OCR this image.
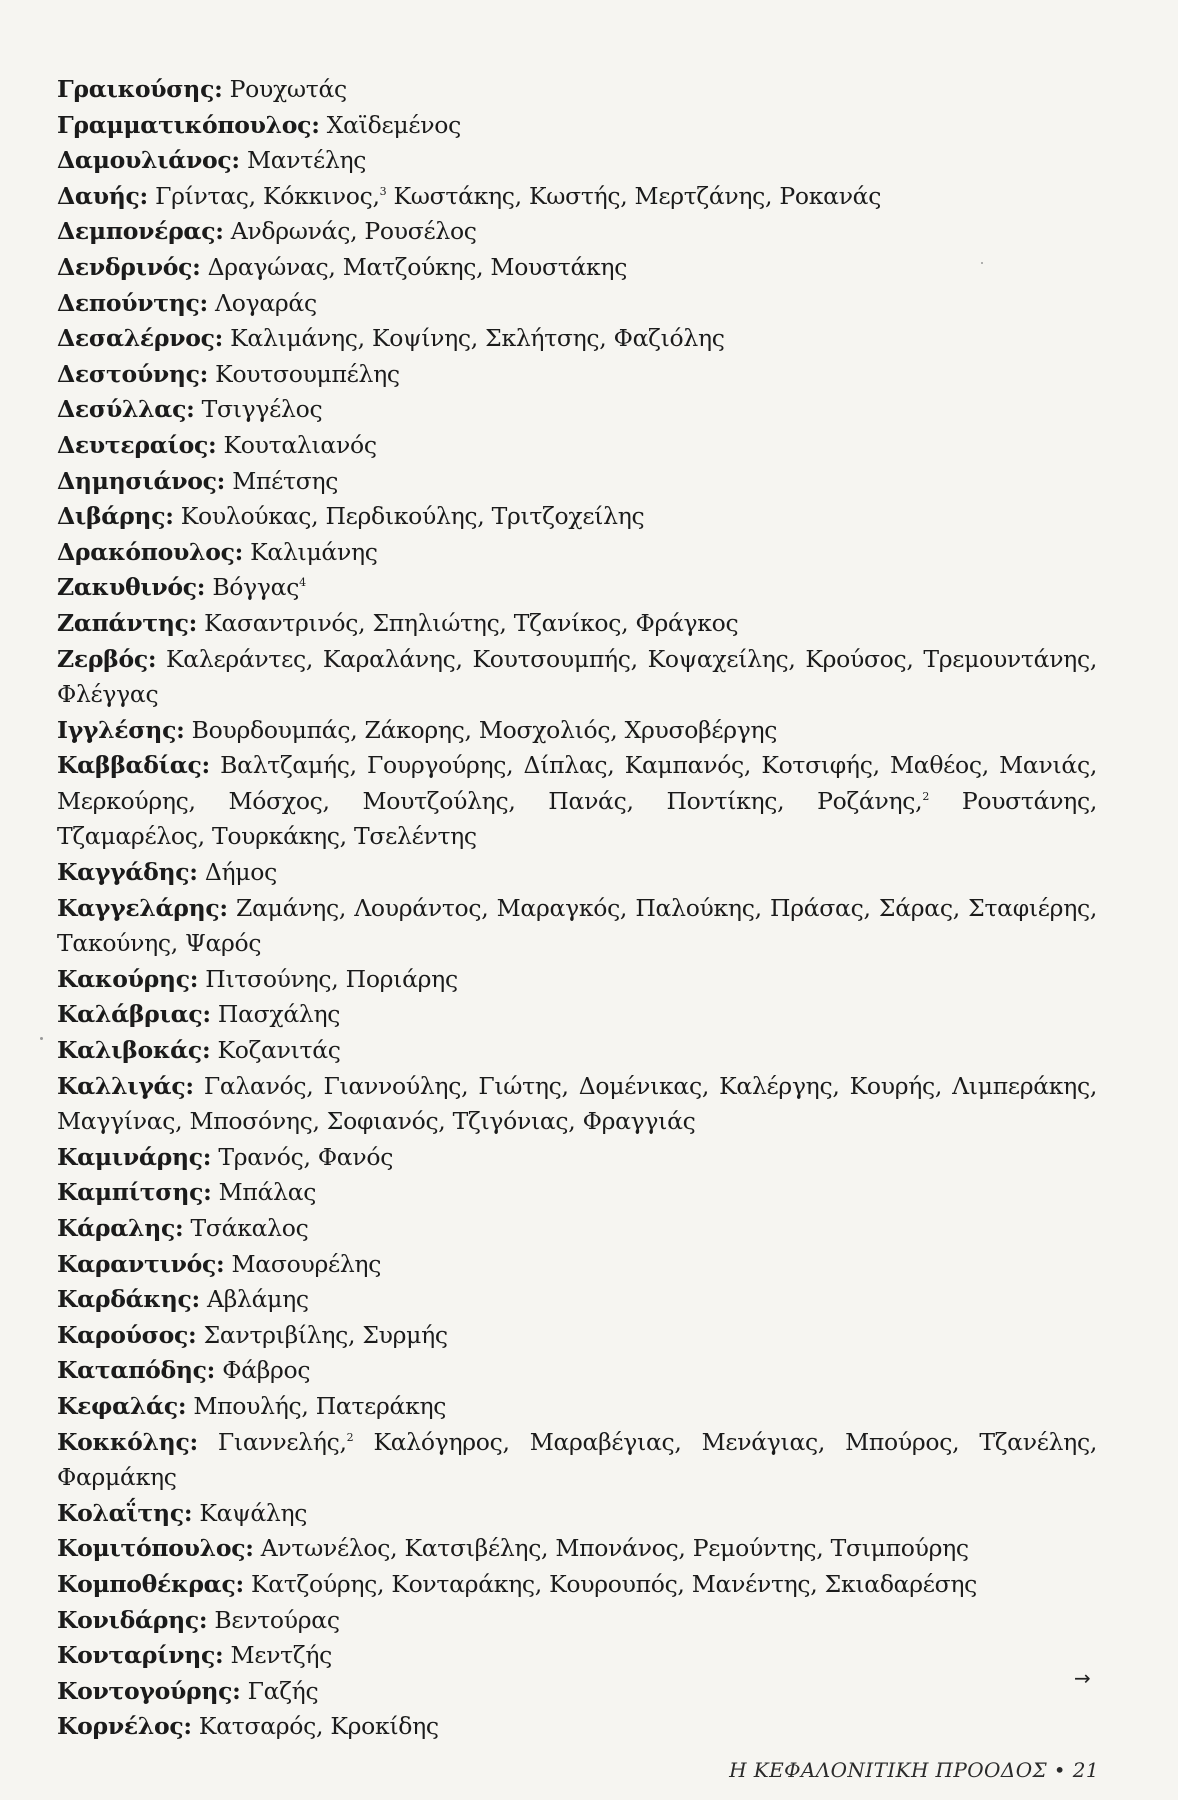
Γραικούσης: Ρουχωτάς
Γραμματικόπουλος: Χαϊδεμένος
Δαμουλιάνος: Μαντέλης
Δαυής: Γρίντας, Κόκκινος,$^3$ Κωστάκης, Κωστής, Μερτζάνης, Ροκανάς
Δεμπονέρας: Ανδρωνάς, Ρουσέλος
Δενδρινός: Δραγώνας, Ματζούκης, Μουστάκης
Δεπούντης: Λογαράς
Δεσαλέρνος: Καλιμάνης, Κοψίνης, Σκλήτσης, Φαζιόλης
Δεστούνης: Κουτσουμπέλης
Δεσύλλας: Τσιγγέλος
Δευτεραίος: Κουταλιανός
Δημησιάνος: Μπέτσης
Διβάρης: Κουλούκας, Περδικούλης, Τριτζοχείλης
Δρακόπουλος: Καλιμάνης
Ζακυθινός: Βόγγας$^4$
Ζαπάντης: Κασαντρινός, Σπηλιώτης, Τζανίκος, Φράγκος
Ζερβός: Καλεράντες, Καραλάνης, Κουτσουμπής, Κοψαχείλης, Κρούσος, Τρεμουντάνης, Φλέγγας
Ιγγλέσης: Βουρδουμπάς, Ζάκορης, Μοσχολιός, Χρυσοβέργης
Καββαδίας: Βαλτζαμής, Γουργούρης, Δίπλας, Καμπανός, Κοτσιφής, Μαθέος, Μανιάς, Μερκούρης, Μόσχος, Μουτζούλης, Πανάς, Ποντίκης, Ροζάνης,$^2$ Ρουστάνης, Τζαμαρέλος, Τουρκάκης, Τσελέντης
Καγγάδης: Δήμος
Καγγελάρης: Ζαμάνης, Λουράντος, Μαραγκός, Παλούκης, Πράσας, Σάρας, Σταφιέρης, Τακούνης, Ψαρός
Κακούρης: Πιτσούνης, Ποριάρης
Καλάβριας: Πασχάλης
Καλιβοκάς: Κοζανιτάς
Καλλιγάς: Γαλανός, Γιαννούλης, Γιώτης, Δομένικας, Καλέργης, Κουρής, Λιμπεράκης, Μαγγίνας, Μποσόνης, Σοφιανός, Τζιγόνιας, Φραγγιάς
Καμινάρης: Τρανός, Φανός
Καμπίτσης: Μπάλας
Κάραλης: Τσάκαλος
Καραντινός: Μασουρέλης
Καρδάκης: Αβλάμης
Καρούσος: Σαντριβίλης, Συρμής
Καταπόδης: Φάβρος
Κεφαλάς: Μπουλής, Πατεράκης
Κοκκόλης: Γιαννελής,$^2$ Καλόγηρος, Μαραβέγιας, Μενάγιας, Μπούρος, Τζανέλης, Φαρμάκης
Κολαΐτης: Καψάλης
Κομιτόπουλος: Αντωνέλος, Κατσιβέλης, Μπονάνος, Ρεμούντης, Τσιμπούρης
Κομποθέκρας: Κατζούρης, Κονταράκης, Κουρουπός, Μανέντης, Σκιαδαρέσης
Κονιδάρης: Βεντούρας
Κονταρίνης: Μεντζής
Κοντογούρης: Γαζής
Κορνέλος: Κατσαρός, Κροκίδης
→
Η ΚΕΦΑΛΟΝΙΤΙΚΗ ΠΡΟΟΔΟΣ • 21
